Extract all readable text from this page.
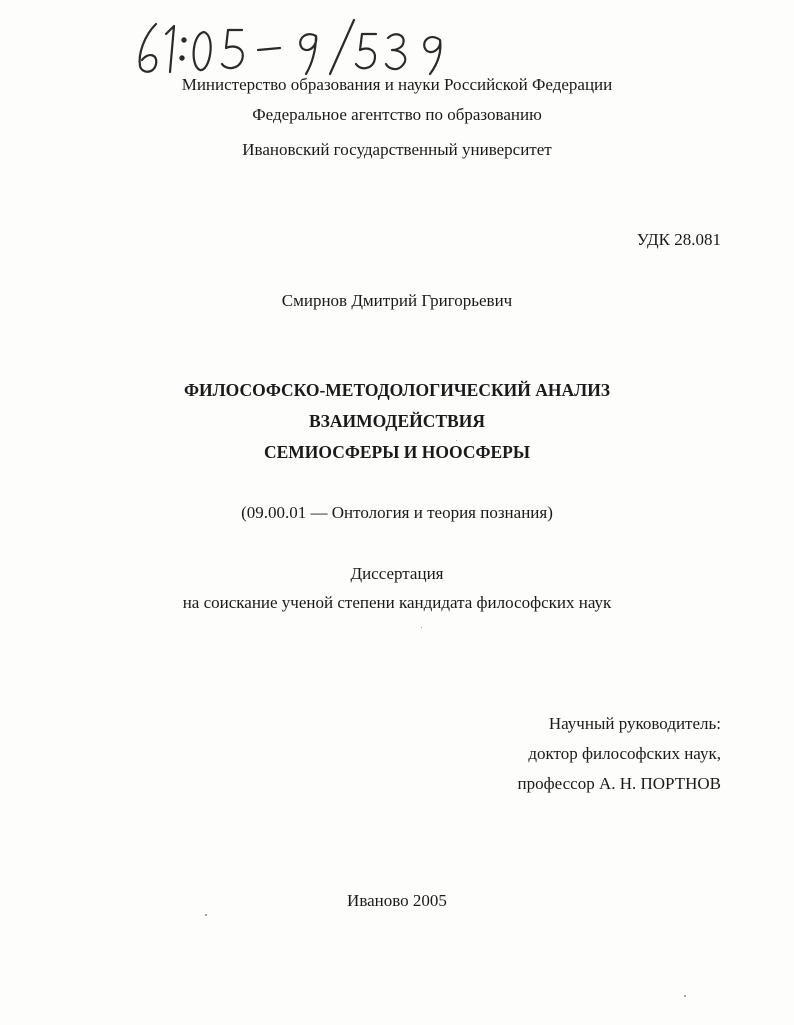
Министерство образования и науки Российской Федерации
Федеральное агентство по образованию
Ивановский государственный университет
УДК 28.081
Смирнов Дмитрий Григорьевич
ФИЛОСОФСКО-МЕТОДОЛОГИЧЕСКИЙ АНАЛИЗ
ВЗАИМОДЕЙСТВИЯ
СЕМИОСФЕРЫ И НООСФЕРЫ
(09.00.01 — Онтология и теория познания)
Диссертация
на соискание ученой степени кандидата философских наук
Научный руководитель:
доктор философских наук,
профессор А. Н. ПОРТНОВ
Иваново 2005
